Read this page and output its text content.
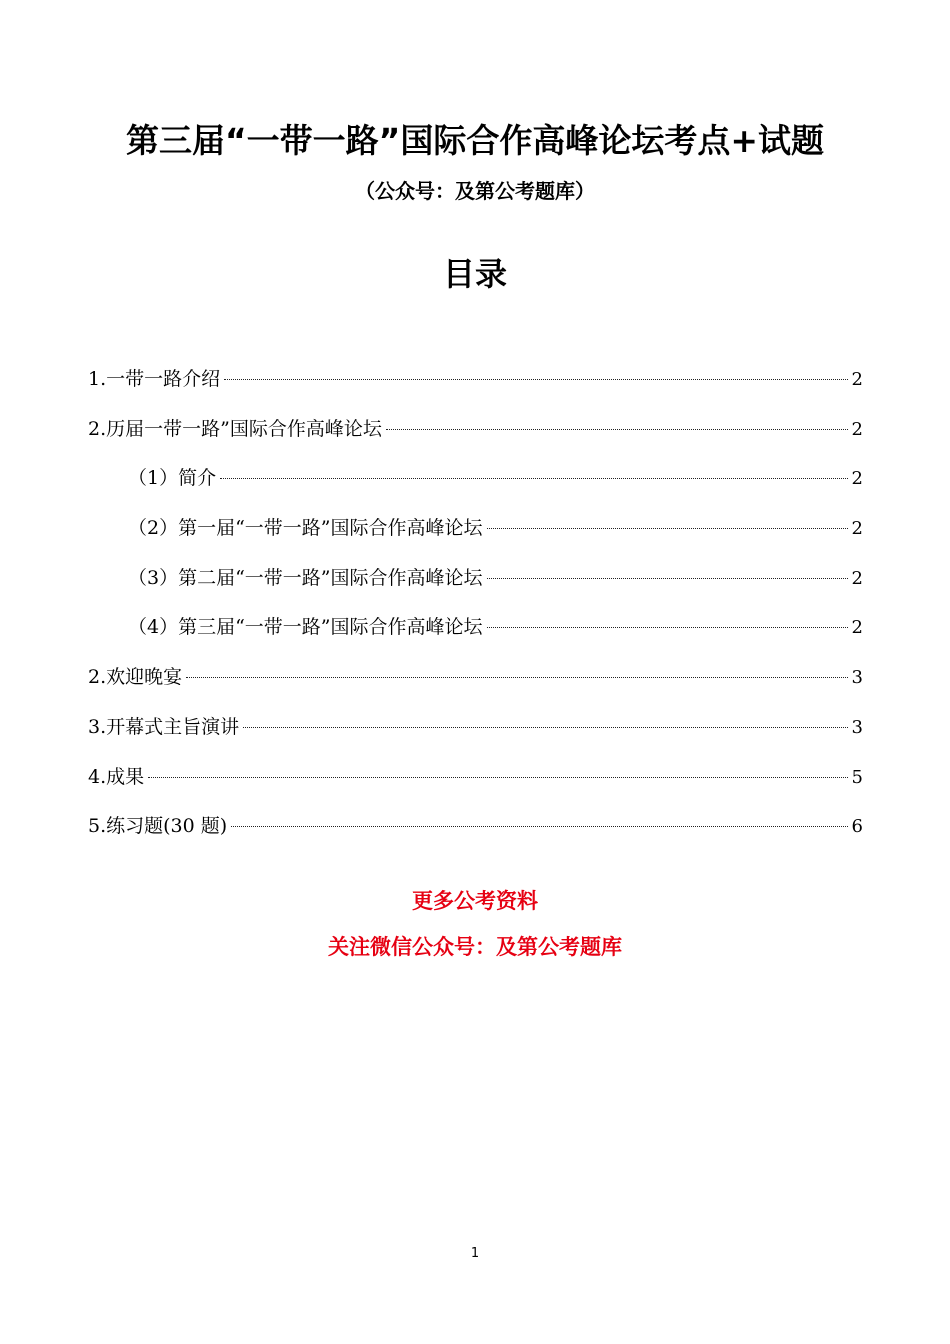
第三届“一带一路”国际合作高峰论坛考点+试题
（公众号：及第公考题库）
目录
1.一带一路介绍	2
2.历届一带一路”国际合作高峰论坛	2
（1）简介	2
（2）第一届“一带一路”国际合作高峰论坛	2
（3）第二届“一带一路”国际合作高峰论坛	2
（4）第三届“一带一路”国际合作高峰论坛	2
2.欢迎晚宴	3
3.开幕式主旨演讲	3
4.成果	5
5.练习题(30 题)	6
更多公考资料
关注微信公众号：及第公考题库
1
